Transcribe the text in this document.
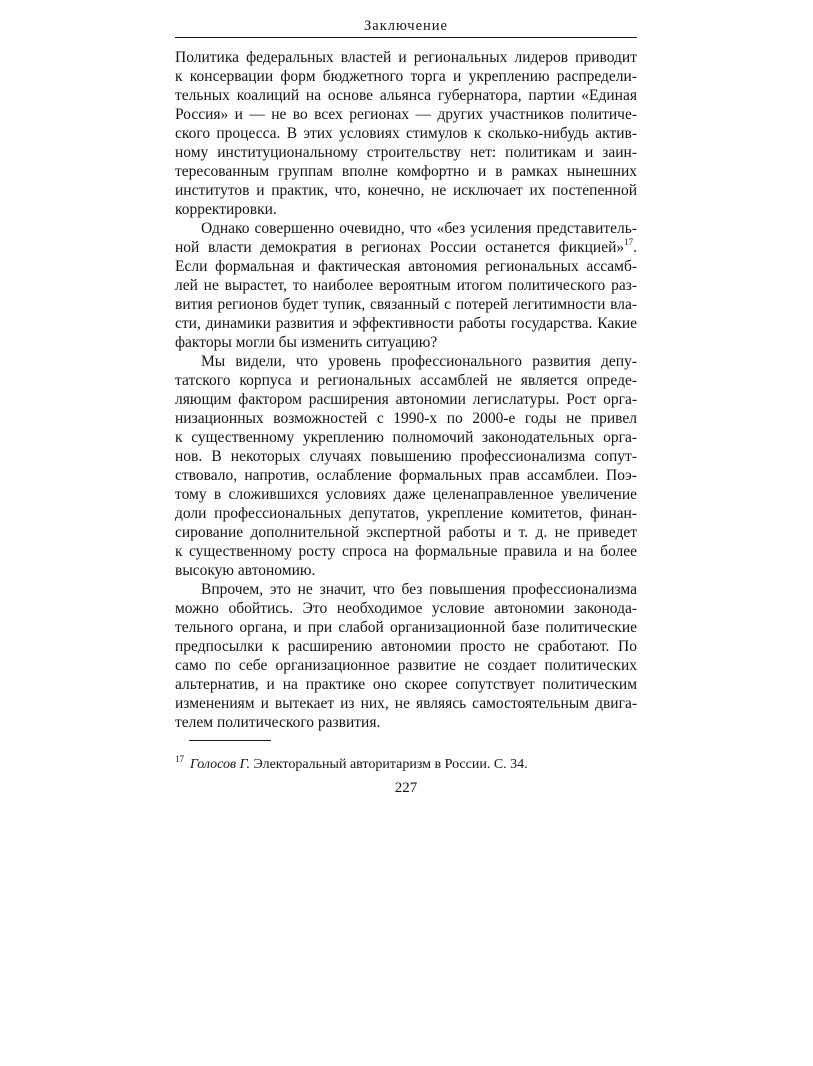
Заключение
Политика федеральных властей и региональных лидеров приводит
к консервации форм бюджетного торга и укреплению распредели-
тельных коалиций на основе альянса губернатора, партии «Единая
Россия» и — не во всех регионах — других участников политиче-
ского процесса. В этих условиях стимулов к сколько-нибудь актив-
ному институциональному строительству нет: политикам и заин-
тересованным группам вполне комфортно и в рамках нынешних
институтов и практик, что, конечно, не исключает их постепенной
корректировки.
Однако совершенно очевидно, что «без усиления представитель-
ной власти демократия в регионах России останется фикцией»$^{17}$.
Если формальная и фактическая автономия региональных ассамб-
лей не вырастет, то наиболее вероятным итогом политического раз-
вития регионов будет тупик, связанный с потерей легитимности вла-
сти, динамики развития и эффективности работы государства. Какие
факторы могли бы изменить ситуацию?
Мы видели, что уровень профессионального развития депу-
татского корпуса и региональных ассамблей не является опреде-
ляющим фактором расширения автономии легислатуры. Рост орга-
низационных возможностей с 1990-х по 2000-е годы не привел
к существенному укреплению полномочий законодательных орга-
нов. В некоторых случаях повышению профессионализма сопут-
ствовало, напротив, ослабление формальных прав ассамблеи. Поэ-
тому в сложившихся условиях даже целенаправленное увеличение
доли профессиональных депутатов, укрепление комитетов, финан-
сирование дополнительной экспертной работы и т. д. не приведет
к существенному росту спроса на формальные правила и на более
высокую автономию.
Впрочем, это не значит, что без повышения профессионализма
можно обойтись. Это необходимое условие автономии законода-
тельного органа, и при слабой организационной базе политические
предпосылки к расширению автономии просто не сработают. По
само по себе организационное развитие не создает политических
альтернатив, и на практике оно скорее сопутствует политическим
изменениям и вытекает из них, не являясь самостоятельным двига-
телем политического развития.
$^{17}$ Голосов Г. Электоральный авторитаризм в России. С. 34.
227
